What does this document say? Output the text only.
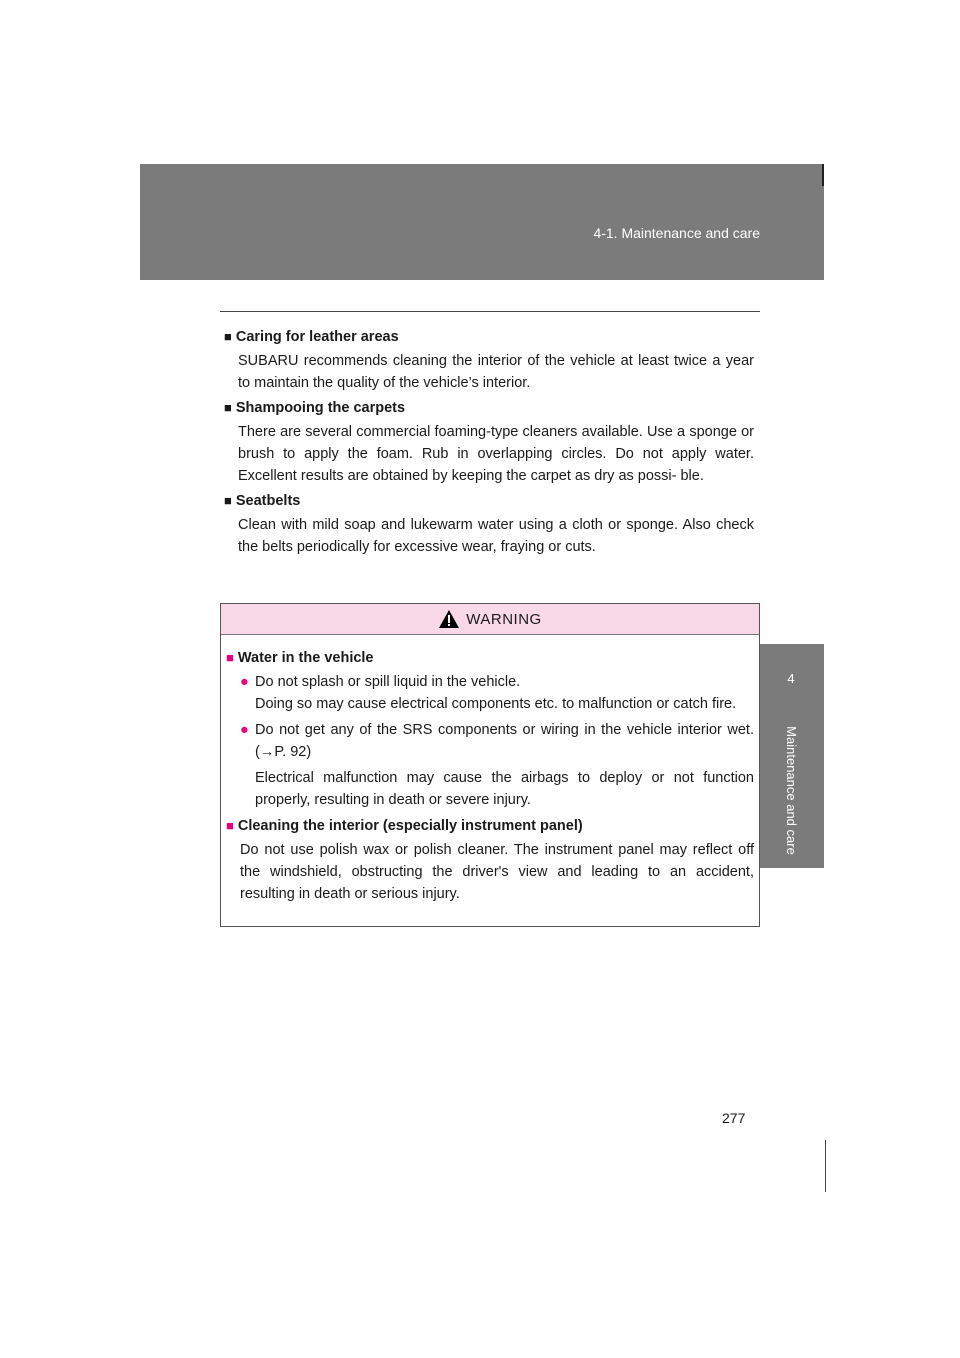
4-1. Maintenance and care
4
Maintenance and care

■ Caring for leather areas

SUBARU recommends cleaning the interior of the vehicle at least twice a year to maintain the quality of the vehicle’s interior.

■ Shampooing the carpets

There are several commercial foaming-type cleaners available. Use a sponge or brush to apply the foam. Rub in overlapping circles. Do not apply water. Excellent results are obtained by keeping the carpet as dry as possi- ble.

■ Seatbelts

Clean with mild soap and lukewarm water using a cloth or sponge. Also check the belts periodically for excessive wear, fraying or cuts.

WARNING

■ Water in the vehicle

● Do not splash or spill liquid in the vehicle.

Doing so may cause electrical components etc. to malfunction or catch fire.

● Do not get any of the SRS components or wiring in the vehicle interior wet. (→P. 92)

Electrical malfunction may cause the airbags to deploy or not function properly, resulting in death or severe injury.

■ Cleaning the interior (especially instrument panel)

Do not use polish wax or polish cleaner. The instrument panel may reflect off the windshield, obstructing the driver's view and leading to an accident, resulting in death or serious injury.

277
